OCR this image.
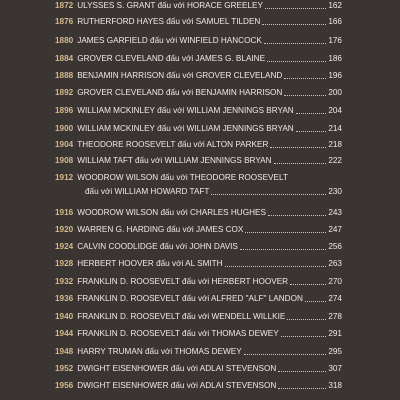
1872 ULYSSES S. GRANT đấu với HORACE GREELEY	162
1876 RUTHERFORD HAYES đấu với SAMUEL TILDEN	166
1880 JAMES GARFIELD đấu với WINFIELD HANCOCK	176
1884 GROVER CLEVELAND đấu với JAMES G. BLAINE	186
1888 BENJAMIN HARRISON đấu với GROVER CLEVELAND	196
1892 GROVER CLEVELAND đấu với BENJAMIN HARRISON	200
1896 WILLIAM MCKINLEY đấu với WILLIAM JENNINGS BRYAN	204
1900 WILLIAM MCKINLEY đấu với WILLIAM JENNINGS BRYAN	214
1904 THEODORE ROOSEVELT đấu với ALTON PARKER	218
1908 WILLIAM TAFT đấu với WILLIAM JENNINGS BRYAN	222
1912 WOODROW WILSON đấu với THEODORE ROOSEVELT
đấu với WILLIAM HOWARD TAFT	230
1916 WOODROW WILSON đấu với CHARLES HUGHES	243
1920 WARREN G. HARDING đấu với JAMES COX	247
1924 CALVIN COODLIDGE đấu với JOHN DAVIS	256
1928 HERBERT HOOVER đấu với AL SMITH	263
1932 FRANKLIN D. ROOSEVELT đấu với HERBERT HOOVER	270
1936 FRANKLIN D. ROOSEVELT đấu với ALFRED "ALF" LANDON	274
1940 FRANKLIN D. ROOSEVELT đấu với WENDELL WILLKIE	278
1944 FRANKLIN D. ROOSEVELT đấu với THOMAS DEWEY	291
1948 HARRY TRUMAN đấu với THOMAS DEWEY	295
1952 DWIGHT EISENHOWER đấu với ADLAI STEVENSON	307
1956 DWIGHT EISENHOWER đấu với ADLAI STEVENSON	318
